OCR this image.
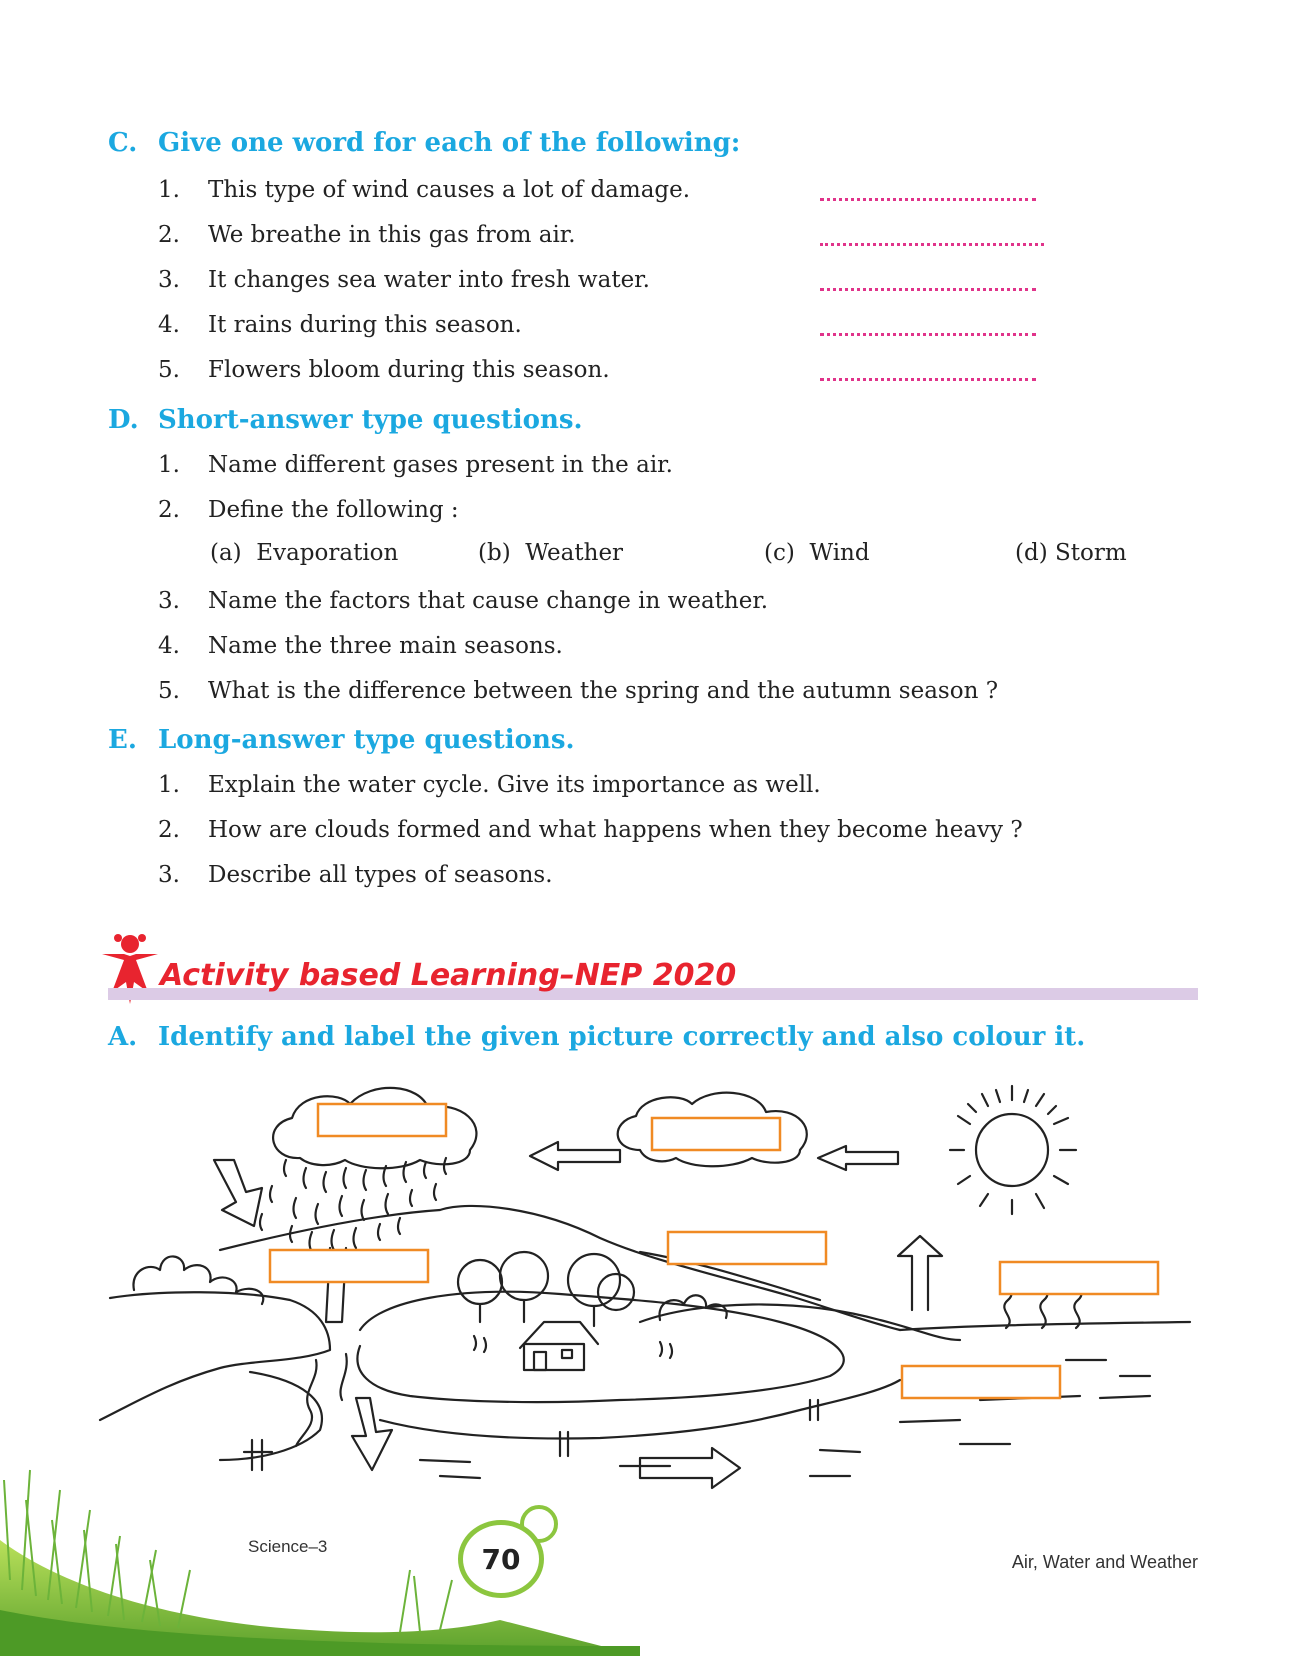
C. Give one word for each of the following:
1. This type of wind causes a lot of damage.
2. We breathe in this gas from air.
3. It changes sea water into fresh water.
4. It rains during this season.
5. Flowers bloom during this season.
D. Short-answer type questions.
1. Name different gases present in the air.
2. Define the following :
(a) Evaporation	(b) Weather	(c) Wind	(d) Storm
3. Name the factors that cause change in weather.
4. Name the three main seasons.
5. What is the difference between the spring and the autumn season ?
E. Long-answer type questions.
1. Explain the water cycle. Give its importance as well.
2. How are clouds formed and what happens when they become heavy ?
3. Describe all types of seasons.
Activity based Learning–NEP 2020
A. Identify and label the given picture correctly and also colour it.
70
Science–3
Air, Water and Weather
